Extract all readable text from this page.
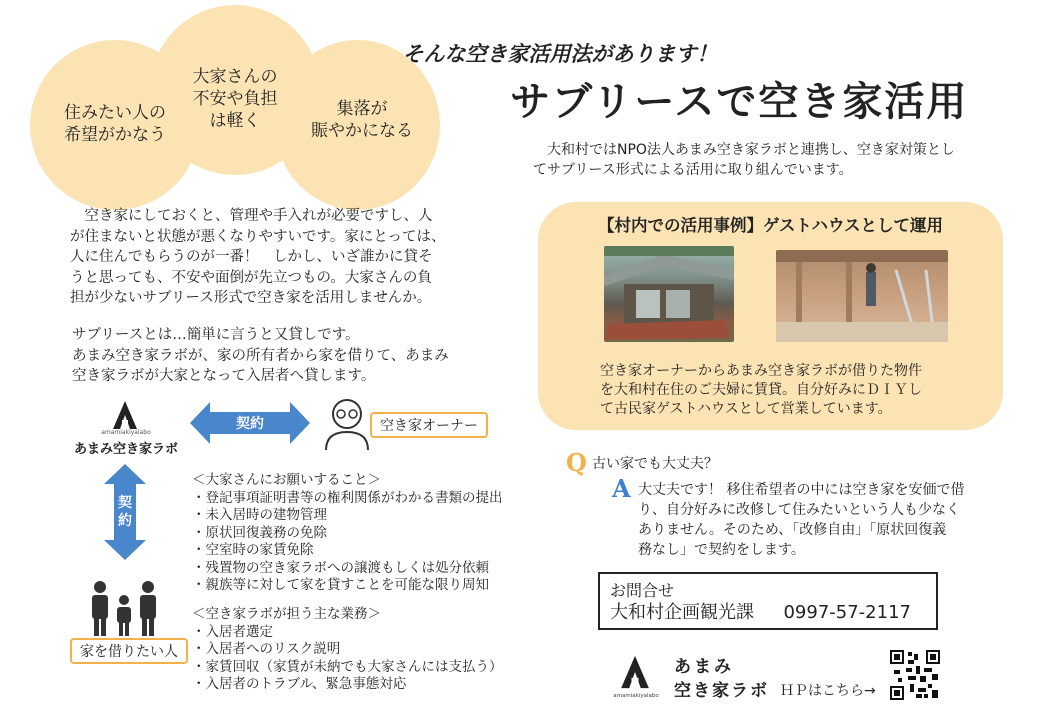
住みたい人の
希望がかなう
大家さんの
不安や負担
は軽く
集落が
賑やかになる
そんな空き家活用法があります！
サブリースで空き家活用
大和村ではNPO法人あまみ空き家ラボと連携し、空き家対策とし
てサブリース形式による活用に取り組んでいます。
　空き家にしておくと、管理や手入れが必要ですし、人
が住まないと状態が悪くなりやすいです。家にとっては、
人に住んでもらうのが一番！　しかし、いざ誰かに貸そ
うと思っても、不安や面倒が先立つもの。大家さんの負
担が少ないサブリース形式で空き家を活用しませんか。
サブリースとは…簡単に言うと又貸しです。
あまみ空き家ラボが、家の所有者から家を借りて、あまみ
空き家ラボが大家となって入居者へ貸します。
amamiakiyalabo
あまみ空き家ラボ
契約	空き家オーナー
契
約
家を借りたい人
＜大家さんにお願いすること＞
・登記事項証明書等の権利関係がわかる書類の提出
・未入居時の建物管理
・原状回復義務の免除
・空室時の家賃免除
・残置物の空き家ラボへの譲渡もしくは処分依頼
・親族等に対して家を貸すことを可能な限り周知
＜空き家ラボが担う主な業務＞
・入居者選定
・入居者へのリスク説明
・家賃回収（家賃が未納でも大家さんには支払う）
・入居者のトラブル、緊急事態対応
【村内での活用事例】ゲストハウスとして運用
空き家オーナーからあまみ空き家ラボが借りた物件
を大和村在住のご夫婦に賃貸。自分好みにＤＩＹし
て古民家ゲストハウスとして営業しています。
Q 古い家でも大丈夫？
A 大丈夫です！ 移住希望者の中には空き家を安価で借
り、自分好みに改修して住みたいという人も少なく
ありません。そのため、「改修自由」「原状回復義
務なし」で契約をします。
お問合せ
大和村企画観光課 0997-57-2117
amamiakiyalabo
あまみ
空き家ラボ ＨＰはこちら→
